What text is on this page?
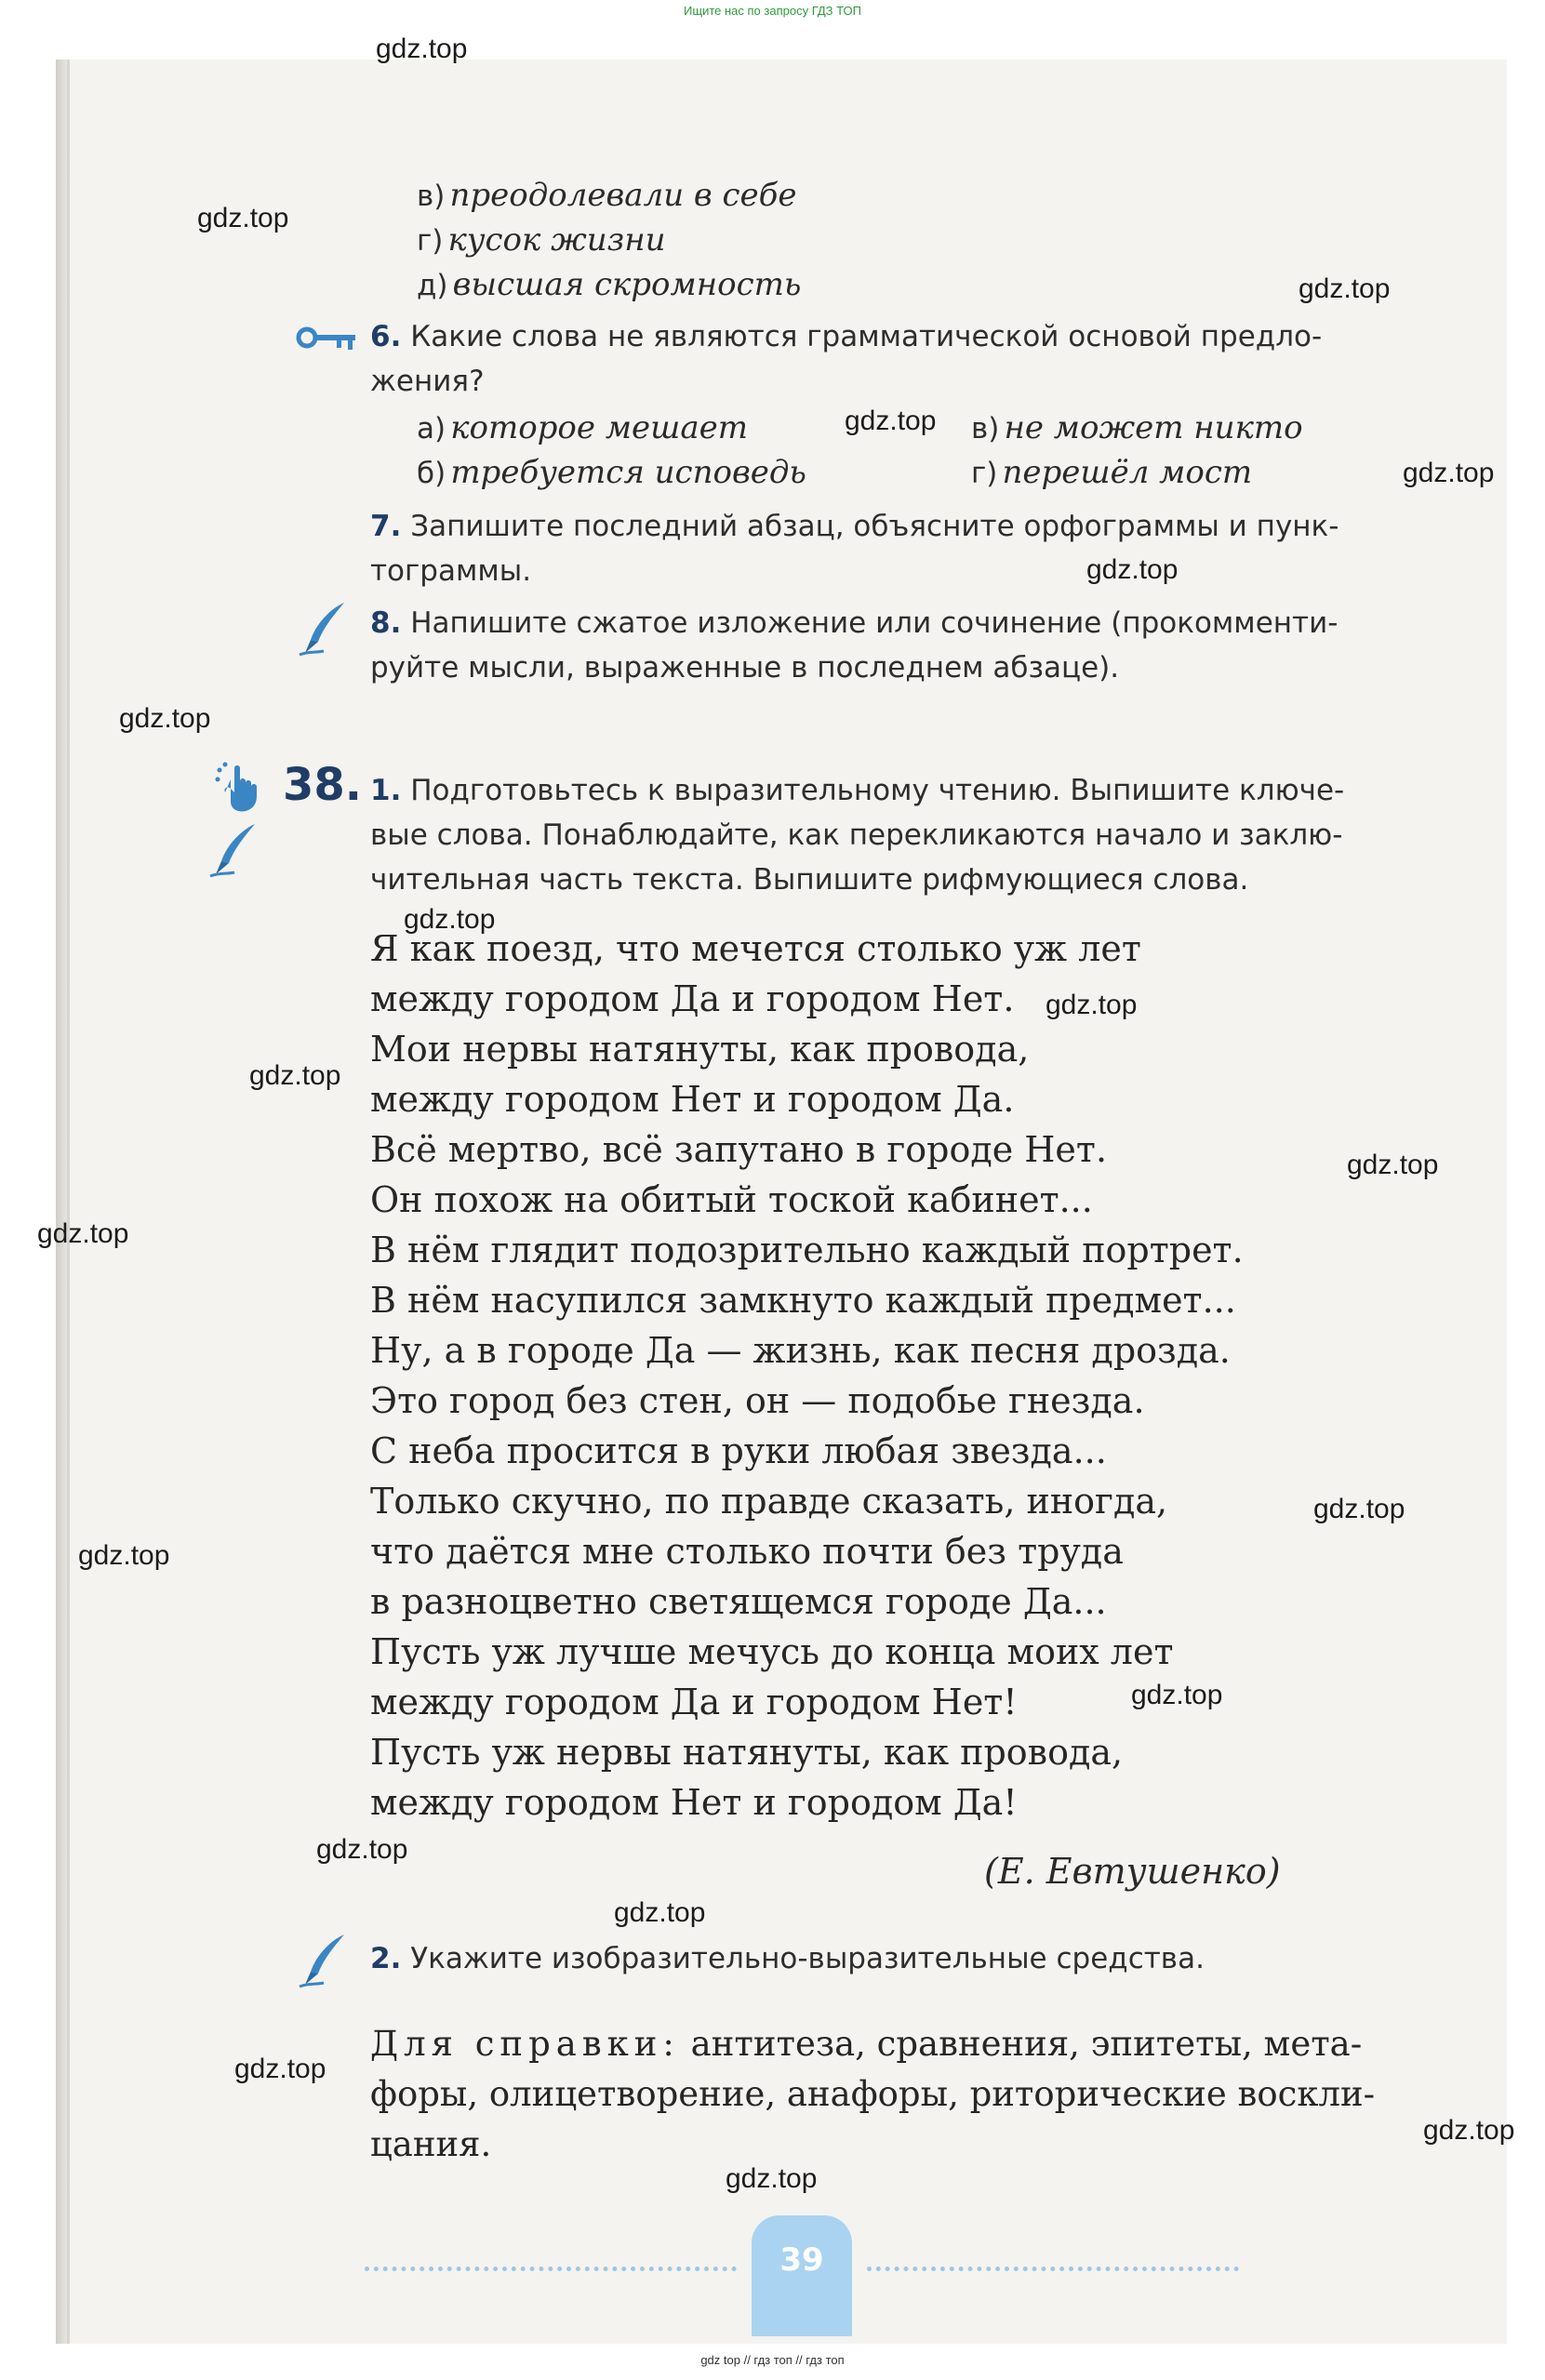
Ищите нас по запросу ГДЗ ТОП
в) преодолевали в себе
г) кусок жизни
д) высшая скромность
6. Какие слова не являются грамматической основой предло-
жения?
а) которое мешает	в) не может никто
б) требуется исповедь	г) перешёл мост
7. Запишите последний абзац, объясните орфограммы и пунк-
тограммы.
8. Напишите сжатое изложение или сочинение (прокомменти-
руйте мысли, выраженные в последнем абзаце).
38. 1. Подготовьтесь к выразительному чтению. Выпишите ключе-
вые слова. Понаблюдайте, как перекликаются начало и заклю-
чительная часть текста. Выпишите рифмующиеся слова.
Я как поезд, что мечется столько уж лет
между городом Да и городом Нет.
Мои нервы натянуты, как провода,
между городом Нет и городом Да.
Всё мертво, всё запутано в городе Нет.
Он похож на обитый тоской кабинет...
В нём глядит подозрительно каждый портрет.
В нём насупился замкнуто каждый предмет...
Ну, а в городе Да — жизнь, как песня дрозда.
Это город без стен, он — подобье гнезда.
С неба просится в руки любая звезда...
Только скучно, по правде сказать, иногда,
что даётся мне столько почти без труда
в разноцветно светящемся городе Да...
Пусть уж лучше мечусь до конца моих лет
между городом Да и городом Нет!
Пусть уж нервы натянуты, как провода,
между городом Нет и городом Да!
(Е. Евтушенко)
2. Укажите изобразительно-выразительные средства.
Для справки: антитеза, сравнения, эпитеты, мета-
форы, олицетворение, анафоры, риторические воскли-
цания.
39
gdz.top
gdz.top
gdz.top
gdz.top
gdz.top
gdz.top
gdz.top
gdz.top
gdz.top
gdz.top
gdz.top
gdz.top
gdz.top
gdz.top
gdz.top
gdz.top
gdz.top
gdz.top
gdz.top
gdz.top
gdz top // гдз топ // гдз топ
